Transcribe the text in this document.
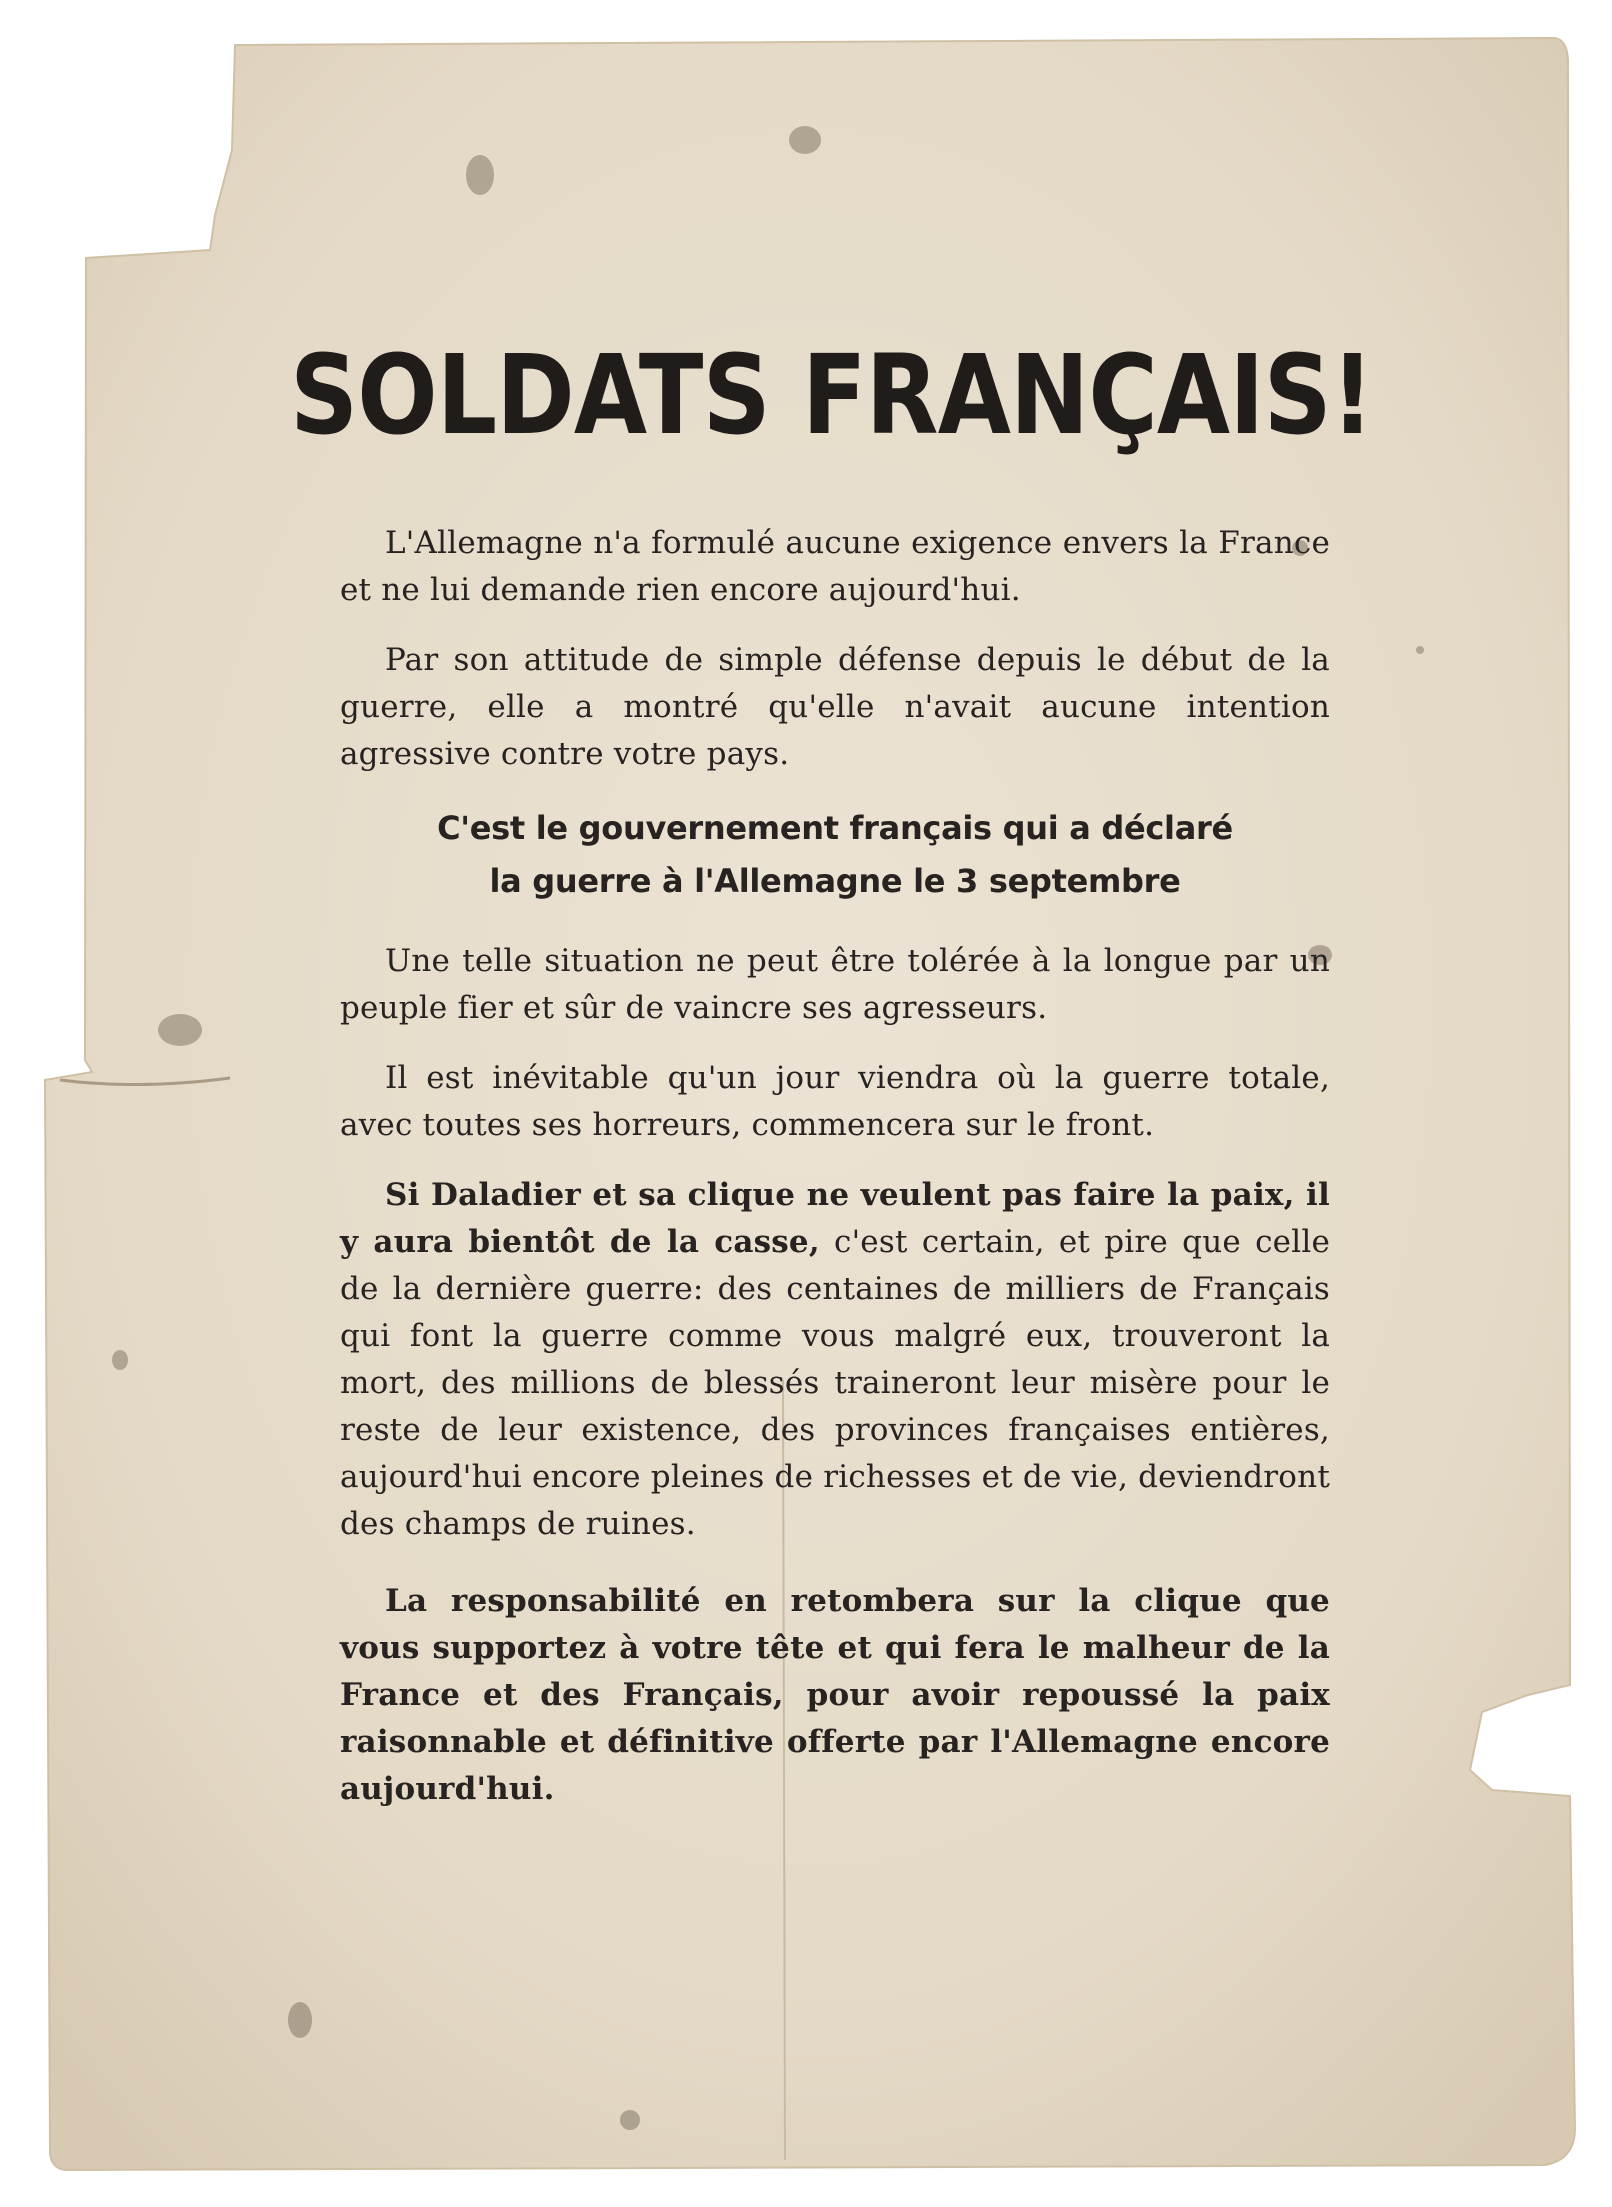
SOLDATS FRANÇAIS!

L'Allemagne n'a formulé aucune exigence envers la France et ne lui demande rien encore aujourd'hui.

Par son attitude de simple défense depuis le début de la guerre, elle a montré qu'elle n'avait aucune intention agressive contre votre pays.

C'est le gouvernement français qui a déclaré
la guerre à l'Allemagne le 3 septembre

Une telle situation ne peut être tolérée à la longue par un peuple fier et sûr de vaincre ses agresseurs.

Il est inévitable qu'un jour viendra où la guerre totale, avec toutes ses horreurs, commencera sur le front.

Si Daladier et sa clique ne veulent pas faire la paix, il y aura bientôt de la casse, c'est certain, et pire que celle de la dernière guerre: des centaines de milliers de Français qui font la guerre comme vous malgré eux, trouveront la mort, des millions de blessés traineront leur misère pour le reste de leur existence, des provinces françaises entières, aujourd'hui encore pleines de richesses et de vie, deviendront des champs de ruines.

La responsabilité en retombera sur la clique que vous supportez à votre tête et qui fera le malheur de la France et des Français, pour avoir repoussé la paix raisonnable et définitive offerte par l'Allemagne encore aujourd'hui.
